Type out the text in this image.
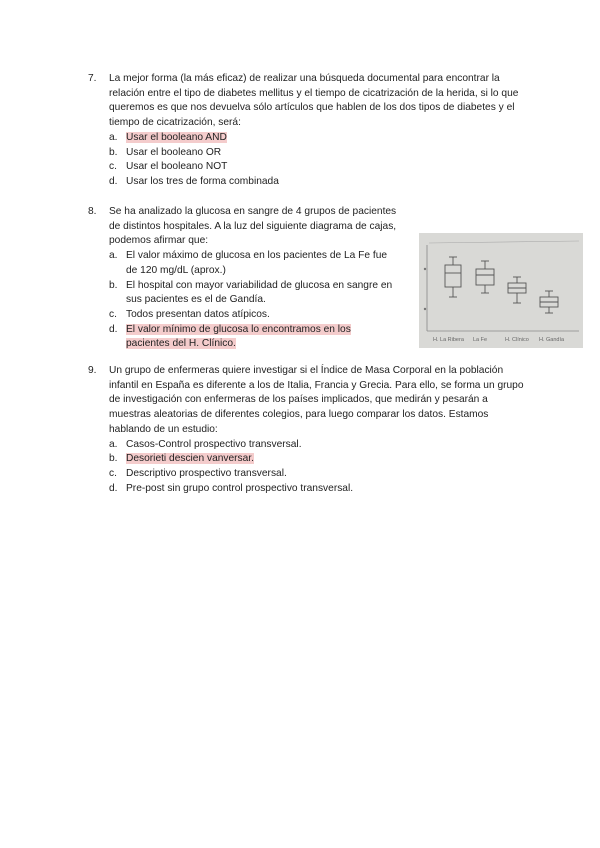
7. La mejor forma (la más eficaz) de realizar una búsqueda documental para encontrar la relación entre el tipo de diabetes mellitus y el tiempo de cicatrización de la herida, si lo que queremos es que nos devuelva sólo artículos que hablen de los dos tipos de diabetes y el tiempo de cicatrización, será:
a. Usar el booleano AND
b. Usar el booleano OR
c. Usar el booleano NOT
d. Usar los tres de forma combinada
8. Se ha analizado la glucosa en sangre de 4 grupos de pacientes de distintos hospitales. A la luz del siguiente diagrama de cajas, podemos afirmar que:
a. El valor máximo de glucosa en los pacientes de La Fe fue de 120 mg/dL (aprox.)
b. El hospital con mayor variabilidad de glucosa en sangre en sus pacientes es el de Gandía.
c. Todos presentan datos atípicos.
d. El valor mínimo de glucosa lo encontramos en los pacientes del H. Clínico.	H. La Ribera La Fe	H. Clínico H. Gandía
9. Un grupo de enfermeras quiere investigar si el Índice de Masa Corporal en la población infantil en España es diferente a los de Italia, Francia y Grecia. Para ello, se forma un grupo de investigación con enfermeras de los países implicados, que medirán y pesarán a muestras aleatorias de diferentes colegios, para luego comparar los datos. Estamos hablando de un estudio:
a. Casos-Control prospectivo transversal.
b. Desorieti descien vanversar.
c. Descriptivo prospectivo transversal.
d. Pre-post sin grupo control prospectivo transversal.
